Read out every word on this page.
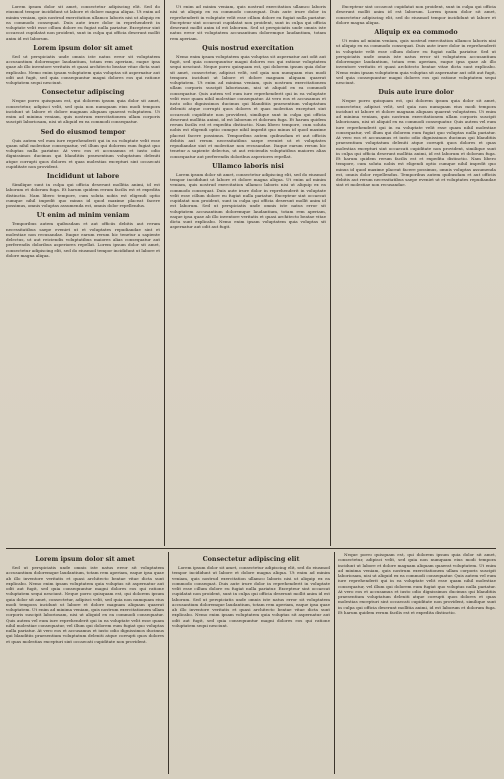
Lorem ipsum dolor sit amet, consectetur adipiscing elit. Sed do eiusmod tempor incididunt ut labore et dolore magna aliqua. Ut enim ad minim veniam, quis nostrud exercitation ullamco laboris nisi ut aliquip ex ea commodo consequat. Duis aute irure dolor in reprehenderit in voluptate velit esse cillum dolore eu fugiat nulla pariatur. Excepteur sint occaecat cupidatat non proident, sunt in culpa qui officia deserunt mollit anim id est laborum.

Lorem ipsum dolor sit amet

Sed ut perspiciatis unde omnis iste natus error sit voluptatem accusantium doloremque laudantium, totam rem aperiam, eaque ipsa quae ab illo inventore veritatis et quasi architecto beatae vitae dicta sunt explicabo. Nemo enim ipsam voluptatem quia voluptas sit aspernatur aut odit aut fugit, sed quia consequuntur magni dolores eos qui ratione voluptatem sequi nesciunt.

Consectetur adipiscing

Neque porro quisquam est, qui dolorem ipsum quia dolor sit amet, consectetur, adipisci velit, sed quia non numquam eius modi tempora incidunt ut labore et dolore magnam aliquam quaerat voluptatem. Ut enim ad minima veniam, quis nostrum exercitationem ullam corporis suscipit laboriosam, nisi ut aliquid ex ea commodi consequatur.

Sed do eiusmod tempor

Quis autem vel eum iure reprehenderit qui in ea voluptate velit esse quam nihil molestiae consequatur, vel illum qui dolorem eum fugiat quo voluptas nulla pariatur. At vero eos et accusamus et iusto odio dignissimos ducimus qui blanditiis praesentium voluptatum deleniti atque corrupti quos dolores et quas molestias excepturi sint occaecati cupiditate non provident.

Incididunt ut labore

Similique sunt in culpa qui officia deserunt mollitia animi, id est laborum et dolorum fuga. Et harum quidem rerum facilis est et expedita distinctio. Nam libero tempore, cum soluta nobis est eligendi optio cumque nihil impedit quo minus id quod maxime placeat facere possimus, omnis voluptas assumenda est, omnis dolor repellendus.

Ut enim ad minim veniam

Temporibus autem quibusdam et aut officiis debitis aut rerum necessitatibus saepe eveniet ut et voluptates repudiandae sint et molestiae non recusandae. Itaque earum rerum hic tenetur a sapiente delectus, ut aut reiciendis voluptatibus maiores alias consequatur aut perferendis doloribus asperiores repellat. Lorem ipsum dolor sit amet, consectetur adipiscing elit, sed do eiusmod tempor incididunt ut labore et dolore magna aliqua.

Ut enim ad minim veniam, quis nostrud exercitation ullamco laboris nisi ut aliquip ex ea commodo consequat. Duis aute irure dolor in reprehenderit in voluptate velit esse cillum dolore eu fugiat nulla pariatur. Excepteur sint occaecat cupidatat non proident, sunt in culpa qui officia deserunt mollit anim id est laborum. Sed ut perspiciatis unde omnis iste natus error sit voluptatem accusantium doloremque laudantium, totam rem aperiam.

Quis nostrud exercitation

Nemo enim ipsam voluptatem quia voluptas sit aspernatur aut odit aut fugit, sed quia consequuntur magni dolores eos qui ratione voluptatem sequi nesciunt. Neque porro quisquam est, qui dolorem ipsum quia dolor sit amet, consectetur, adipisci velit, sed quia non numquam eius modi tempora incidunt ut labore et dolore magnam aliquam quaerat voluptatem. Ut enim ad minima veniam, quis nostrum exercitationem ullam corporis suscipit laboriosam, nisi ut aliquid ex ea commodi consequatur. Quis autem vel eum iure reprehenderit qui in ea voluptate velit esse quam nihil molestiae consequatur. At vero eos et accusamus et iusto odio dignissimos ducimus qui blanditiis praesentium voluptatum deleniti atque corrupti quos dolores et quas molestias excepturi sint occaecati cupiditate non provident, similique sunt in culpa qui officia deserunt mollitia animi, id est laborum et dolorum fuga. Et harum quidem rerum facilis est et expedita distinctio. Nam libero tempore, cum soluta nobis est eligendi optio cumque nihil impedit quo minus id quod maxime placeat facere possimus. Temporibus autem quibusdam et aut officiis debitis aut rerum necessitatibus saepe eveniet ut et voluptates repudiandae sint et molestiae non recusandae. Itaque earum rerum hic tenetur a sapiente delectus, ut aut reiciendis voluptatibus maiores alias consequatur aut perferendis doloribus asperiores repellat.

Ullamco laboris nisi

Lorem ipsum dolor sit amet, consectetur adipiscing elit, sed do eiusmod tempor incididunt ut labore et dolore magna aliqua. Ut enim ad minim veniam, quis nostrud exercitation ullamco laboris nisi ut aliquip ex ea commodo consequat. Duis aute irure dolor in reprehenderit in voluptate velit esse cillum dolore eu fugiat nulla pariatur. Excepteur sint occaecat cupidatat non proident, sunt in culpa qui officia deserunt mollit anim id est laborum. Sed ut perspiciatis unde omnis iste natus error sit voluptatem accusantium doloremque laudantium, totam rem aperiam, eaque ipsa quae ab illo inventore veritatis et quasi architecto beatae vitae dicta sunt explicabo. Nemo enim ipsam voluptatem quia voluptas sit aspernatur aut odit aut fugit.

Excepteur sint occaecat cupidatat non proident, sunt in culpa qui officia deserunt mollit anim id est laborum. Lorem ipsum dolor sit amet, consectetur adipiscing elit, sed do eiusmod tempor incididunt ut labore et dolore magna aliqua.

Aliquip ex ea commodo

Ut enim ad minim veniam, quis nostrud exercitation ullamco laboris nisi ut aliquip ex ea commodo consequat. Duis aute irure dolor in reprehenderit in voluptate velit esse cillum dolore eu fugiat nulla pariatur. Sed ut perspiciatis unde omnis iste natus error sit voluptatem accusantium doloremque laudantium, totam rem aperiam, eaque ipsa quae ab illo inventore veritatis et quasi architecto beatae vitae dicta sunt explicabo. Nemo enim ipsam voluptatem quia voluptas sit aspernatur aut odit aut fugit, sed quia consequuntur magni dolores eos qui ratione voluptatem sequi nesciunt.

Duis aute irure dolor

Neque porro quisquam est, qui dolorem ipsum quia dolor sit amet, consectetur, adipisci velit, sed quia non numquam eius modi tempora incidunt ut labore et dolore magnam aliquam quaerat voluptatem. Ut enim ad minima veniam, quis nostrum exercitationem ullam corporis suscipit laboriosam, nisi ut aliquid ex ea commodi consequatur. Quis autem vel eum iure reprehenderit qui in ea voluptate velit esse quam nihil molestiae consequatur, vel illum qui dolorem eum fugiat quo voluptas nulla pariatur. At vero eos et accusamus et iusto odio dignissimos ducimus qui blanditiis praesentium voluptatum deleniti atque corrupti quos dolores et quas molestias excepturi sint occaecati cupiditate non provident, similique sunt in culpa qui officia deserunt mollitia animi, id est laborum et dolorum fuga. Et harum quidem rerum facilis est et expedita distinctio. Nam libero tempore, cum soluta nobis est eligendi optio cumque nihil impedit quo minus id quod maxime placeat facere possimus, omnis voluptas assumenda est, omnis dolor repellendus. Temporibus autem quibusdam et aut officiis debitis aut rerum necessitatibus saepe eveniet ut et voluptates repudiandae sint et molestiae non recusandae.

Lorem ipsum dolor sit amet

Sed ut perspiciatis unde omnis iste natus error sit voluptatem accusantium doloremque laudantium, totam rem aperiam, eaque ipsa quae ab illo inventore veritatis et quasi architecto beatae vitae dicta sunt explicabo. Nemo enim ipsam voluptatem quia voluptas sit aspernatur aut odit aut fugit, sed quia consequuntur magni dolores eos qui ratione voluptatem sequi nesciunt. Neque porro quisquam est, qui dolorem ipsum quia dolor sit amet, consectetur, adipisci velit, sed quia non numquam eius modi tempora incidunt ut labore et dolore magnam aliquam quaerat voluptatem. Ut enim ad minima veniam, quis nostrum exercitationem ullam corporis suscipit laboriosam, nisi ut aliquid ex ea commodi consequatur. Quis autem vel eum iure reprehenderit qui in ea voluptate velit esse quam nihil molestiae consequatur, vel illum qui dolorem eum fugiat quo voluptas nulla pariatur. At vero eos et accusamus et iusto odio dignissimos ducimus qui blanditiis praesentium voluptatum deleniti atque corrupti quos dolores et quas molestias excepturi sint occaecati cupiditate non provident.

Consectetur adipiscing elit

Lorem ipsum dolor sit amet, consectetur adipiscing elit, sed do eiusmod tempor incididunt ut labore et dolore magna aliqua. Ut enim ad minim veniam, quis nostrud exercitation ullamco laboris nisi ut aliquip ex ea commodo consequat. Duis aute irure dolor in reprehenderit in voluptate velit esse cillum dolore eu fugiat nulla pariatur. Excepteur sint occaecat cupidatat non proident, sunt in culpa qui officia deserunt mollit anim id est laborum. Sed ut perspiciatis unde omnis iste natus error sit voluptatem accusantium doloremque laudantium, totam rem aperiam, eaque ipsa quae ab illo inventore veritatis et quasi architecto beatae vitae dicta sunt explicabo. Nemo enim ipsam voluptatem quia voluptas sit aspernatur aut odit aut fugit, sed quia consequuntur magni dolores eos qui ratione voluptatem sequi nesciunt.

Neque porro quisquam est, qui dolorem ipsum quia dolor sit amet, consectetur, adipisci velit, sed quia non numquam eius modi tempora incidunt ut labore et dolore magnam aliquam quaerat voluptatem. Ut enim ad minima veniam, quis nostrum exercitationem ullam corporis suscipit laboriosam, nisi ut aliquid ex ea commodi consequatur. Quis autem vel eum iure reprehenderit qui in ea voluptate velit esse quam nihil molestiae consequatur, vel illum qui dolorem eum fugiat quo voluptas nulla pariatur. At vero eos et accusamus et iusto odio dignissimos ducimus qui blanditiis praesentium voluptatum deleniti atque corrupti quos dolores et quas molestias excepturi sint occaecati cupiditate non provident, similique sunt in culpa qui officia deserunt mollitia animi, id est laborum et dolorum fuga. Et harum quidem rerum facilis est et expedita distinctio.
